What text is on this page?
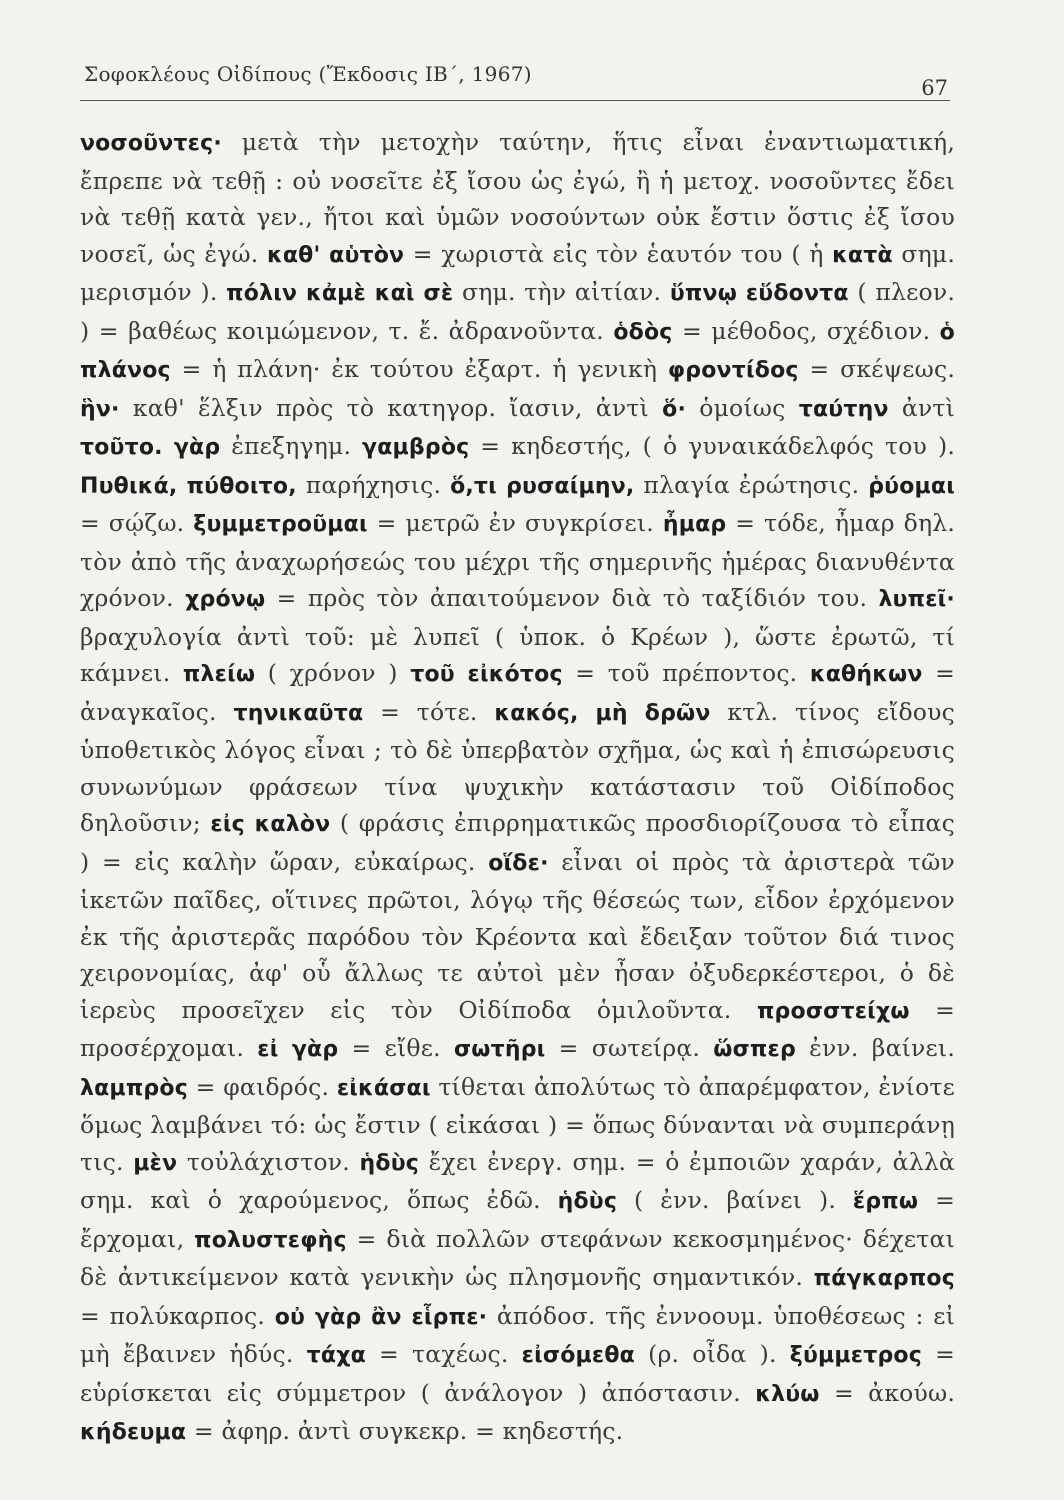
Σοφοκλέους Οἰδίπους (Ἔκδοσις ΙΒ΄, 1967)
67
νοσοῦντες· μετὰ τὴν μετοχὴν ταύτην, ἥτις εἶναι ἐναντιωματική, ἔπρεπε νὰ τεθῇ : οὐ νοσεῖτε ἐξ ἴσου ὡς ἐγώ, ἢ ἡ μετοχ. νοσοῦντες ἔδει νὰ τεθῇ κατὰ γεν., ἤτοι καὶ ὑμῶν νοσούντων οὐκ ἔστιν ὅστις ἐξ ἴσου νοσεῖ, ὡς ἐγώ. καθ' αὑτὸν = χωριστὰ εἰς τὸν ἑαυτόν του ( ἡ κατὰ σημ. μερισμόν ). πόλιν κἀμὲ καὶ σὲ σημ. τὴν αἰτίαν. ὕπνῳ εὕδοντα ( πλεον. ) = βαθέως κοιμώμενον, τ. ἔ. ἀδρανοῦντα. ὁδὸς = μέθοδος, σχέδιον. ὁ πλάνος = ἡ πλάνη· ἐκ τούτου ἐξαρτ. ἡ γενικὴ φροντίδος = σκέψεως. ἣν· καθ' ἕλξιν πρὸς τὸ κατηγορ. ἴασιν, ἀντὶ ὅ· ὁμοίως ταύτην ἀντὶ τοῦτο. γὰρ ἐπεξηγημ. γαμβρὸς = κηδεστής, ( ὁ γυναικάδελφός του ). Πυθικά, πύθοιτο, παρήχησις. ὅ,τι ρυσαίμην, πλαγία ἐρώτησις. ῥύομαι = σῴζω. ξυμμετροῦμαι = μετρῶ ἐν συγκρίσει. ἦμαρ = τόδε, ἦμαρ δηλ. τὸν ἀπὸ τῆς ἀναχωρήσεώς του μέχρι τῆς σημερινῆς ἡμέρας διανυθέντα χρόνον. χρόνῳ = πρὸς τὸν ἀπαιτούμενον διὰ τὸ ταξίδιόν του. λυπεῖ· βραχυλογία ἀντὶ τοῦ: μὲ λυπεῖ ( ὑποκ. ὁ Κρέων ), ὥστε ἐρωτῶ, τί κάμνει. πλείω ( χρόνον ) τοῦ εἰκότος = τοῦ πρέποντος. καθήκων = ἀναγκαῖος. τηνικαῦτα = τότε. κακός, μὴ δρῶν κτλ. τίνος εἴδους ὑποθετικὸς λόγος εἶναι ; τὸ δὲ ὑπερβατὸν σχῆμα, ὡς καὶ ἡ ἐπισώρευσις συνωνύμων φράσεων τίνα ψυχικὴν κατάστασιν τοῦ Οἰδίποδος δηλοῦσιν; εἰς καλὸν ( φράσις ἐπιρρηματικῶς προσδιορίζουσα τὸ εἶπας ) = εἰς καλὴν ὥραν, εὐκαίρως. οἵδε· εἶναι οἱ πρὸς τὰ ἀριστερὰ τῶν ἱκετῶν παῖδες, οἵτινες πρῶτοι, λόγῳ τῆς θέσεώς των, εἶδον ἐρχόμενον ἐκ τῆς ἀριστερᾶς παρόδου τὸν Κρέοντα καὶ ἔδειξαν τοῦτον διά τινος χειρονομίας, ἀφ' οὗ ἄλλως τε αὐτοὶ μὲν ἦσαν ὀξυδερκέστεροι, ὁ δὲ ἱερεὺς προσεῖχεν εἰς τὸν Οἰδίποδα ὁμιλοῦντα. προσστείχω = προσέρχομαι. εἰ γὰρ = εἴθε. σωτῆρι = σωτείρᾳ. ὥσπερ ἐνν. βαίνει. λαμπρὸς = φαιδρός. εἰκάσαι τίθεται ἀπολύτως τὸ ἀπαρέμφατον, ἐνίοτε ὅμως λαμβάνει τό: ὡς ἔστιν ( εἰκάσαι ) = ὅπως δύνανται νὰ συμπεράνῃ τις. μὲν τοὐλάχιστον. ἡδὺς ἔχει ἐνεργ. σημ. = ὁ ἐμποιῶν χαράν, ἀλλὰ σημ. καὶ ὁ χαρούμενος, ὅπως ἐδῶ. ἡδὺς ( ἐνν. βαίνει ). ἕρπω = ἔρχομαι, πολυστεφὴς = διὰ πολλῶν στεφάνων κεκοσμημένος· δέχεται δὲ ἀντικείμενον κατὰ γενικὴν ὡς πλησμονῆς σημαντικόν. πάγκαρπος = πολύκαρπος. οὐ γὰρ ἂν εἷρπε· ἀπόδοσ. τῆς ἐννοουμ. ὑποθέσεως : εἰ μὴ ἔβαινεν ἡδύς. τάχα = ταχέως. εἰσόμεθα (ρ. οἶδα ). ξύμμετρος = εὑρίσκεται εἰς σύμμετρον ( ἀνάλογον ) ἀπόστασιν. κλύω = ἀκούω. κήδευμα = ἀφηρ. ἀντὶ συγκεκρ. = κηδεστής.
